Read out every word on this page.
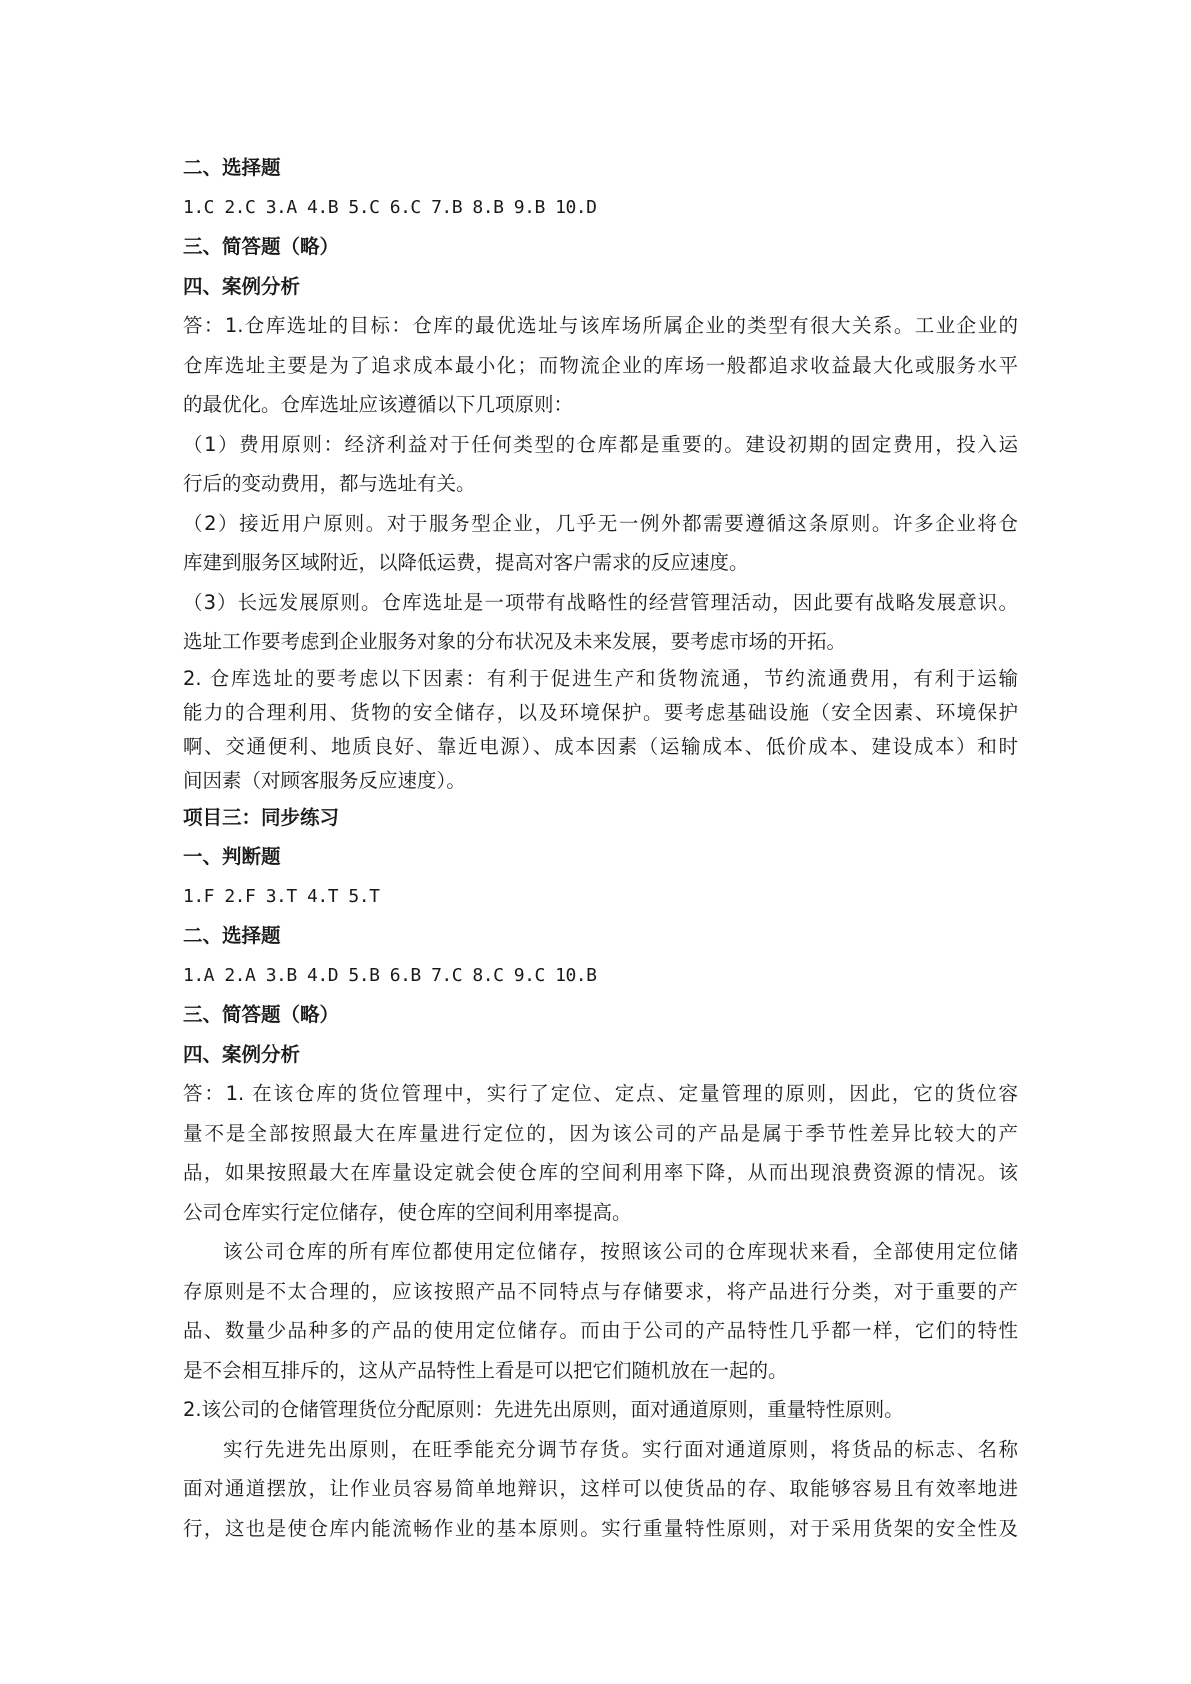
二、选择题
1.C 2.C 3.A 4.B 5.C 6.C 7.B 8.B 9.B 10.D
三、简答题（略）
四、案例分析
答：1.仓库选址的目标：仓库的最优选址与该库场所属企业的类型有很大关系。工业企业的
仓库选址主要是为了追求成本最小化；而物流企业的库场一般都追求收益最大化或服务水平
的最优化。仓库选址应该遵循以下几项原则：
（1）费用原则：经济利益对于任何类型的仓库都是重要的。建设初期的固定费用，投入运
行后的变动费用，都与选址有关。
（2）接近用户原则。对于服务型企业，几乎无一例外都需要遵循这条原则。许多企业将仓
库建到服务区域附近，以降低运费，提高对客户需求的反应速度。
（3）长远发展原则。仓库选址是一项带有战略性的经营管理活动，因此要有战略发展意识。
选址工作要考虑到企业服务对象的分布状况及未来发展，要考虑市场的开拓。
2. 仓库选址的要考虑以下因素：有利于促进生产和货物流通，节约流通费用，有利于运输
能力的合理利用、货物的安全储存，以及环境保护。要考虑基础设施（安全因素、环境保护
啊、交通便利、地质良好、靠近电源）、成本因素（运输成本、低价成本、建设成本）和时
间因素（对顾客服务反应速度）。
项目三：同步练习
一、判断题
1.F 2.F 3.T 4.T 5.T
二、选择题
1.A 2.A 3.B 4.D 5.B 6.B 7.C 8.C 9.C 10.B
三、简答题（略）
四、案例分析
答：1. 在该仓库的货位管理中，实行了定位、定点、定量管理的原则，因此，它的货位容
量不是全部按照最大在库量进行定位的，因为该公司的产品是属于季节性差异比较大的产
品，如果按照最大在库量设定就会使仓库的空间利用率下降，从而出现浪费资源的情况。该
公司仓库实行定位储存，使仓库的空间利用率提高。
该公司仓库的所有库位都使用定位储存，按照该公司的仓库现状来看，全部使用定位储
存原则是不太合理的，应该按照产品不同特点与存储要求，将产品进行分类，对于重要的产
品、数量少品种多的产品的使用定位储存。而由于公司的产品特性几乎都一样，它们的特性
是不会相互排斥的，这从产品特性上看是可以把它们随机放在一起的。
2.该公司的仓储管理货位分配原则：先进先出原则，面对通道原则，重量特性原则。
实行先进先出原则，在旺季能充分调节存货。实行面对通道原则，将货品的标志、名称
面对通道摆放，让作业员容易简单地辩识，这样可以使货品的存、取能够容易且有效率地进
行，这也是使仓库内能流畅作业的基本原则。实行重量特性原则，对于采用货架的安全性及
